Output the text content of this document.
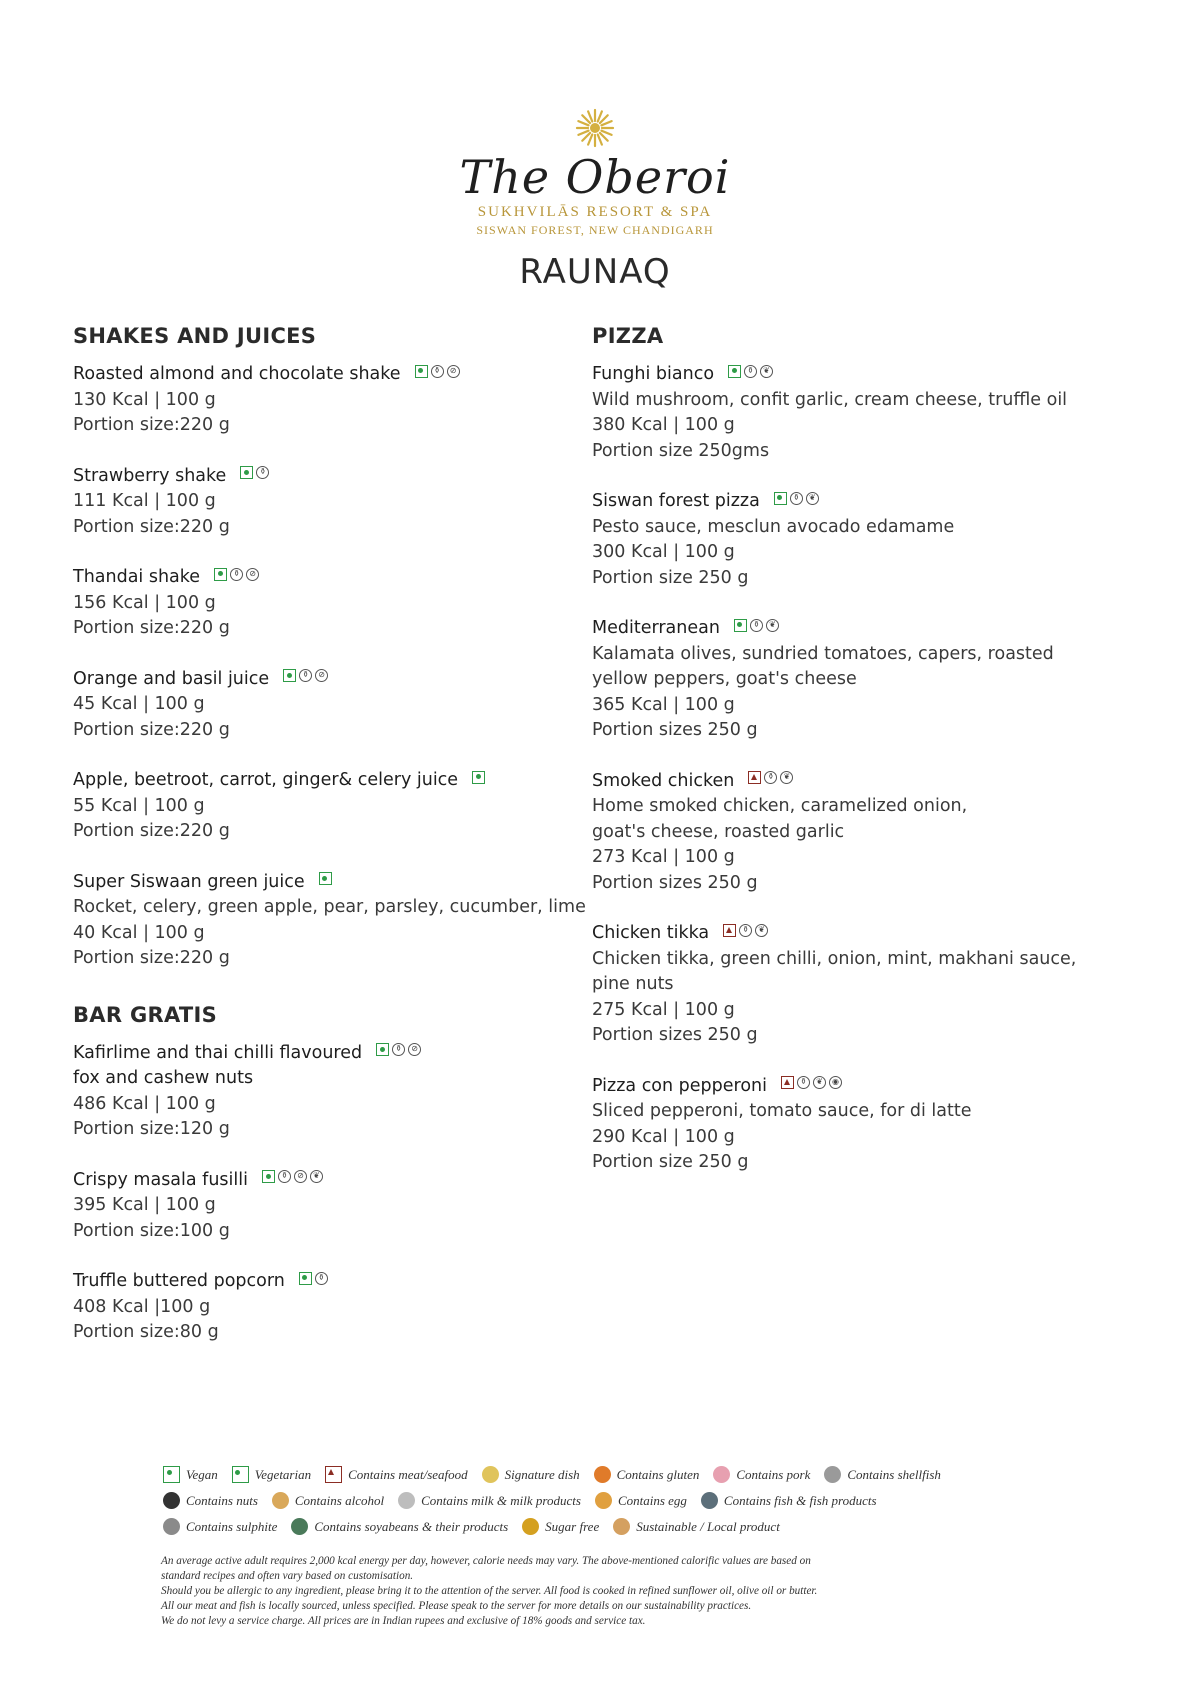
The Oberoi
SUKHVILĀS RESORT & SPA
SISWAN FOREST, NEW CHANDIGARH
RAUNAQ
SHAKES AND JUICES
Roasted almond and chocolate shake	⚱	⊘
130 Kcal | 100 g
Portion size:220 g
Strawberry shake	⚱
111 Kcal | 100 g
Portion size:220 g
Thandai shake	⚱	⊘
156 Kcal | 100 g
Portion size:220 g
Orange and basil juice	⚱	⊘
45 Kcal | 100 g
Portion size:220 g
Apple, beetroot, carrot, ginger& celery juice
55 Kcal | 100 g
Portion size:220 g
Super Siswaan green juice
Rocket, celery, green apple, pear, parsley, cucumber, lime
40 Kcal | 100 g
Portion size:220 g
BAR GRATIS
Kafirlime and thai chilli flavoured	⚱	⊘
fox and cashew nuts
486 Kcal | 100 g
Portion size:120 g
Crispy masala fusilli	⚱	⊘	❦
395 Kcal | 100 g
Portion size:100 g
Truffle buttered popcorn	⚱
408 Kcal |100 g
Portion size:80 g
PIZZA
Funghi bianco	⚱	❦
Wild mushroom, confit garlic, cream cheese, truffle oil
380 Kcal | 100 g
Portion size 250gms
Siswan forest pizza	⚱	❦
Pesto sauce, mesclun avocado edamame
300 Kcal | 100 g
Portion size 250 g
Mediterranean	⚱	❦
Kalamata olives, sundried tomatoes, capers, roasted
yellow peppers, goat's cheese
365 Kcal | 100 g
Portion sizes 250 g
Smoked chicken	⚱	❦
Home smoked chicken, caramelized onion,
goat's cheese, roasted garlic
273 Kcal | 100 g
Portion sizes 250 g
Chicken tikka	⚱	❦
Chicken tikka, green chilli, onion, mint, makhani sauce,
pine nuts
275 Kcal | 100 g
Portion sizes 250 g
Pizza con pepperoni	⚱	❦	◉
Sliced pepperoni, tomato sauce, for di latte
290 Kcal | 100 g
Portion size 250 g
Vegan	Vegetarian	Contains meat/seafood	Signature dish	Contains gluten	Contains pork	Contains shellfish
Contains nuts	Contains alcohol	Contains milk & milk products	Contains egg	Contains fish & fish products
Contains sulphite	Contains soyabeans & their products	Sugar free	Sustainable / Local product
An average active adult requires 2,000 kcal energy per day, however, calorie needs may vary. The above-mentioned calorific values are based on
standard recipes and often vary based on customisation.
Should you be allergic to any ingredient, please bring it to the attention of the server. All food is cooked in refined sunflower oil, olive oil or butter.
All our meat and fish is locally sourced, unless specified. Please speak to the server for more details on our sustainability practices.
We do not levy a service charge. All prices are in Indian rupees and exclusive of 18% goods and service tax.
